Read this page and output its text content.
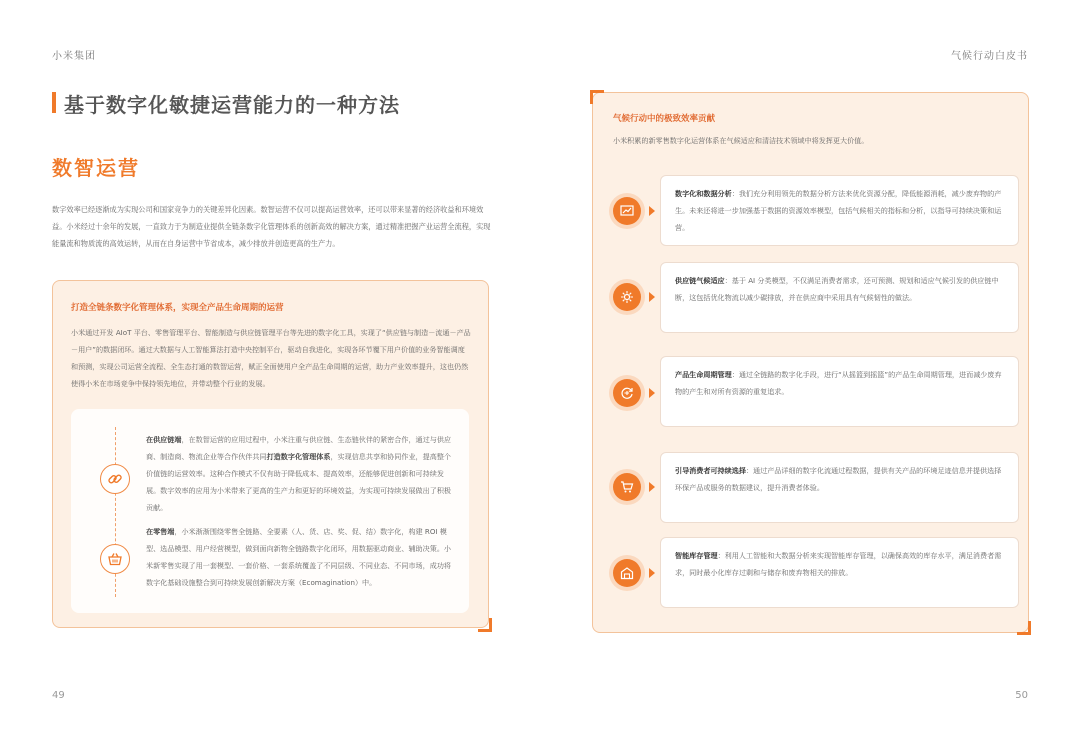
小米集团	气候行动白皮书
基于数字化敏捷运营能力的一种方法
数智运营
数字效率已经逐渐成为实现公司和国家竞争力的关键差异化因素。数智运营不仅可以提高运营效率，还可以带来显著的经济收益和环境效益。小米经过十余年的发展，一直致力于为制造业提供全链条数字化管理体系的创新高效的解决方案，通过精准把握产业运营全流程，实现能量流和物质流的高效运转，从而在自身运营中节省成本，减少排放并创造更高的生产力。
打造全链条数字化管理体系，实现全产品生命周期的运营
小米通过开发 AIoT 平台、零售管理平台、智能制造与供应链管理平台等先进的数字化工具，实现了“供应链与制造－流通－产品－用户”的数据闭环。通过大数据与人工智能算法打造中央控制平台，驱动自我进化，实现各环节覆下用户价值的业务智能调度和预测，实现公司运营全流程、全生态打通的数智运营，赋正全面使用户全产品生命周期的运营，助力产业效率提升，这也仍然使得小米在市场竞争中保持领先地位，并带动整个行业的发展。
在供应链端，在数智运营的应用过程中，小米注重与供应链、生态链伙伴的紧密合作，通过与供应商、制造商、物流企业等合作伙伴共同打造数字化管理体系，实现信息共享和协同作业，提高整个价值链的运营效率。这种合作模式不仅有助于降低成本、提高效率，还能够促进创新和可持续发展。数字效率的应用为小米带来了更高的生产力和更好的环境效益，为实现可持续发展做出了积极贡献。
在零售端，小米渐渐围绕零售全链路、全要素（人、货、店、奖、促、结）数字化，构建 ROI 模型、选品模型、用户经营模型，做到面向新物全链路数字化闭环，用数据驱动商业、辅助决策。小米新零售实现了用一套模型、一套价格、一套系统覆盖了不同层级、不同业态、不同市场，成功将数字化基础设施整合到可持续发展创新解决方案（Ecomagination）中。
气候行动中的极致效率贡献
小米积累的新零售数字化运营体系在气候适应和清洁技术领域中将发挥更大价值。
数字化和数据分析：我们充分利用领先的数据分析方法来优化资源分配，降低能源消耗，减少废弃物的产生。未来还将进一步加强基于数据的资源效率模型，包括气候相关的指标和分析，以指导可持续决策和运营。
供应链气候适应：基于 AI 分类模型，不仅满足消费者需求，还可预测、规划和适应气候引发的供应链中断，这包括优化物流以减少碳排放，并在供应商中采用具有气候韧性的做法。
产品生命周期管理：通过全链路的数字化手段，进行“从摇篮到摇篮”的产品生命周期管理，进而减少废弃物的产生和对所有资源的重复追求。
引导消费者可持续选择：通过产品详细的数字化流通过程数据，提供有关产品的环境足迹信息并提供选择环保产品或服务的数据建议，提升消费者体验。
智能库存管理：利用人工智能和大数据分析来实现智能库存管理，以确保高效的库存水平，满足消费者需求，同时最小化库存过剩和与储存和废弃物相关的排放。
49	50
